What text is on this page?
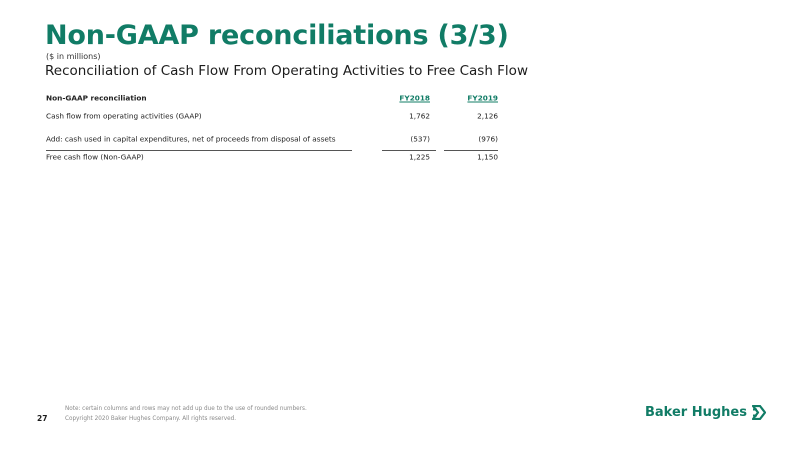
Non-GAAP reconciliations (3/3)
($ in millions)
Reconciliation of Cash Flow From Operating Activities to Free Cash Flow
Non-GAAP reconciliation	FY2018	FY2019
Cash flow from operating activities (GAAP)	1,762	2,126
Add: cash used in capital expenditures, net of proceeds from disposal of assets	(537)	(976)
Free cash flow (Non-GAAP)	1,225	1,150
27
Note: certain columns and rows may not add up due to the use of rounded numbers.
Copyright 2020 Baker Hughes Company. All rights reserved.	Baker Hughes
